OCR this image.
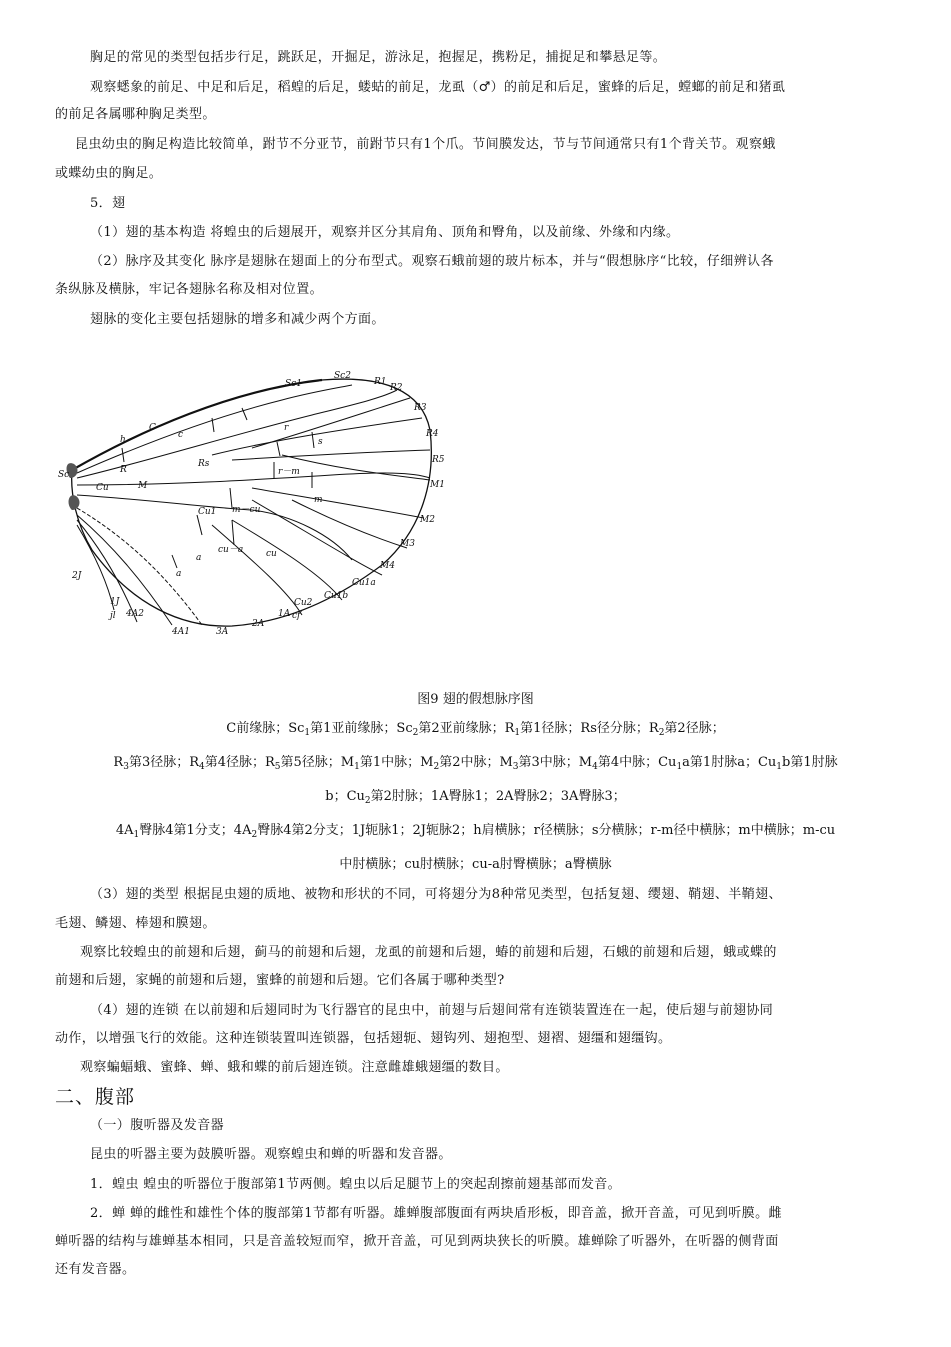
胸足的常见的类型包括步行足，跳跃足，开掘足，游泳足，抱握足，携粉足，捕捉足和攀悬足等。
观察蟋象的前足、中足和后足，稻蝗的后足，蝼蛄的前足，龙虱（♂）的前足和后足，蜜蜂的后足，螳螂的前足和猪虱
的前足各属哪种胸足类型。
昆虫幼虫的胸足构造比较简单，跗节不分亚节，前跗节只有1个爪。节间膜发达，节与节间通常只有1个背关节。观察蛾
或蝶幼虫的胸足。
5．翅
（1）翅的基本构造 将蝗虫的后翅展开，观察并区分其肩角、顶角和臀角，以及前缘、外缘和内缘。
（2）脉序及其变化 脉序是翅脉在翅面上的分布型式。观察石蛾前翅的玻片标本，并与“假想脉序“比较，仔细辨认各
条纵脉及横脉，牢记各翅脉名称及相对位置。
翅脉的变化主要包括翅脉的增多和减少两个方面。
Sc1
Sc2
R1
R2
R3
R4
R5
M1
M2
M3
M4
Cu1a
Cu1b
Cu2
C
c
h
Sc	R
Rs
r
s
r－m
m
m－cu
Cu
Cu1
M
cu－a	cu
a
a
2J
1J
jl 4A2
4A1	3A
2A
1A cf
图9 翅的假想脉序图
C前缘脉；$Sc_1$第1亚前缘脉；$Sc_2$第2亚前缘脉；$R_1$第1径脉；Rs径分脉；$R_2$第2径脉；
$R_3$第3径脉；$R_4$第4径脉；$R_5$第5径脉；$M_1$第1中脉；$M_2$第2中脉；$M_3$第3中脉；$M_4$第4中脉；$Cu_1a$第1肘脉a；$Cu_1b$第1肘脉
b；$Cu_2$第2肘脉；1A臀脉1；2A臀脉2；3A臀脉3；
$4A_1$臀脉4第1分支；$4A_2$臀脉4第2分支；1J轭脉1；2J轭脉2；h肩横脉；r径横脉；s分横脉；r-m径中横脉；m中横脉；m-cu
中肘横脉；cu肘横脉；cu-a肘臀横脉；a臀横脉
（3）翅的类型 根据昆虫翅的质地、被物和形状的不同，可将翅分为8种常见类型，包括复翅、缨翅、鞘翅、半鞘翅、
毛翅、鳞翅、棒翅和膜翅。
观察比较蝗虫的前翅和后翅，蓟马的前翅和后翅，龙虱的前翅和后翅，蝽的前翅和后翅，石蛾的前翅和后翅，蛾或蝶的
前翅和后翅，家蝇的前翅和后翅，蜜蜂的前翅和后翅。它们各属于哪种类型?
（4）翅的连锁 在以前翅和后翅同时为飞行器官的昆虫中，前翅与后翅间常有连锁装置连在一起，使后翅与前翅协同
动作，以增强飞行的效能。这种连锁装置叫连锁器，包括翅轭、翅钩列、翅抱型、翅褶、翅缰和翅缰钩。
观察蝙蝠蛾、蜜蜂、蝉、蛾和蝶的前后翅连锁。注意雌雄蛾翅缰的数目。
二、腹部
（一）腹听器及发音器
昆虫的听器主要为鼓膜听器。观察蝗虫和蝉的听器和发音器。
1．蝗虫 蝗虫的听器位于腹部第1节两侧。蝗虫以后足腿节上的突起刮擦前翅基部而发音。
2．蝉 蝉的雌性和雄性个体的腹部第1节都有听器。雄蝉腹部腹面有两块盾形板，即音盖，掀开音盖，可见到听膜。雌
蝉听器的结构与雄蝉基本相同，只是音盖较短而窄，掀开音盖，可见到两块狭长的听膜。雄蝉除了听器外，在听器的侧背面
还有发音器。
